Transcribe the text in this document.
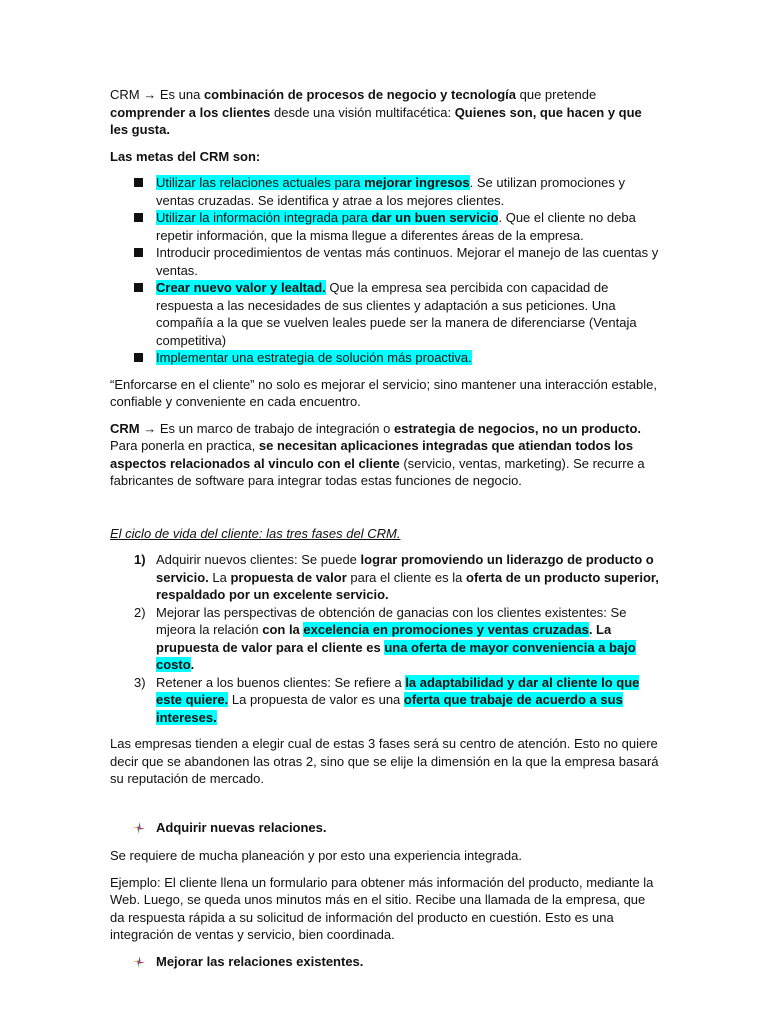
CRM → Es una combinación de procesos de negocio y tecnología que pretende comprender a los clientes desde una visión multifacética: Quienes son, que hacen y que les gusta.

Las metas del CRM son:

Utilizar las relaciones actuales para mejorar ingresos. Se utilizan promociones y ventas cruzadas. Se identifica y atrae a los mejores clientes.
Utilizar la información integrada para dar un buen servicio. Que el cliente no deba repetir información, que la misma llegue a diferentes áreas de la empresa.
Introducir procedimientos de ventas más continuos. Mejorar el manejo de las cuentas y ventas.
Crear nuevo valor y lealtad. Que la empresa sea percibida con capacidad de respuesta a las necesidades de sus clientes y adaptación a sus peticiones. Una compañía a la que se vuelven leales puede ser la manera de diferenciarse (Ventaja competitiva)
Implementar una estrategia de solución más proactiva.

“Enforcarse en el cliente” no solo es mejorar el servicio; sino mantener una interacción estable, confiable y conveniente en cada encuentro.

CRM → Es un marco de trabajo de integración o estrategia de negocios, no un producto. Para ponerla en practica, se necesitan aplicaciones integradas que atiendan todos los aspectos relacionados al vinculo con el cliente (servicio, ventas, marketing). Se recurre a fabricantes de software para integrar todas estas funciones de negocio.

El ciclo de vida del cliente: las tres fases del CRM.

1) Adquirir nuevos clientes: Se puede lograr promoviendo un liderazgo de producto o servicio. La propuesta de valor para el cliente es la oferta de un producto superior, respaldado por un excelente servicio.
2) Mejorar las perspectivas de obtención de ganacias con los clientes existentes: Se mjeora la relación con la excelencia en promociones y ventas cruzadas. La prupuesta de valor para el cliente es una oferta de mayor conveniencia a bajo costo.
3) Retener a los buenos clientes: Se refiere a la adaptabilidad y dar al cliente lo que este quiere. La propuesta de valor es una oferta que trabaje de acuerdo a sus intereses.

Las empresas tienden a elegir cual de estas 3 fases será su centro de atención. Esto no quiere decir que se abandonen las otras 2, sino que se elije la dimensión en la que la empresa basará su reputación de mercado.

Adquirir nuevas relaciones.

Se requiere de mucha planeación y por esto una experiencia integrada.

Ejemplo: El cliente llena un formulario para obtener más información del producto, mediante la Web. Luego, se queda unos minutos más en el sitio. Recibe una llamada de la empresa, que da respuesta rápida a su solicitud de información del producto en cuestión. Esto es una integración de ventas y servicio, bien coordinada.

Mejorar las relaciones existentes.
